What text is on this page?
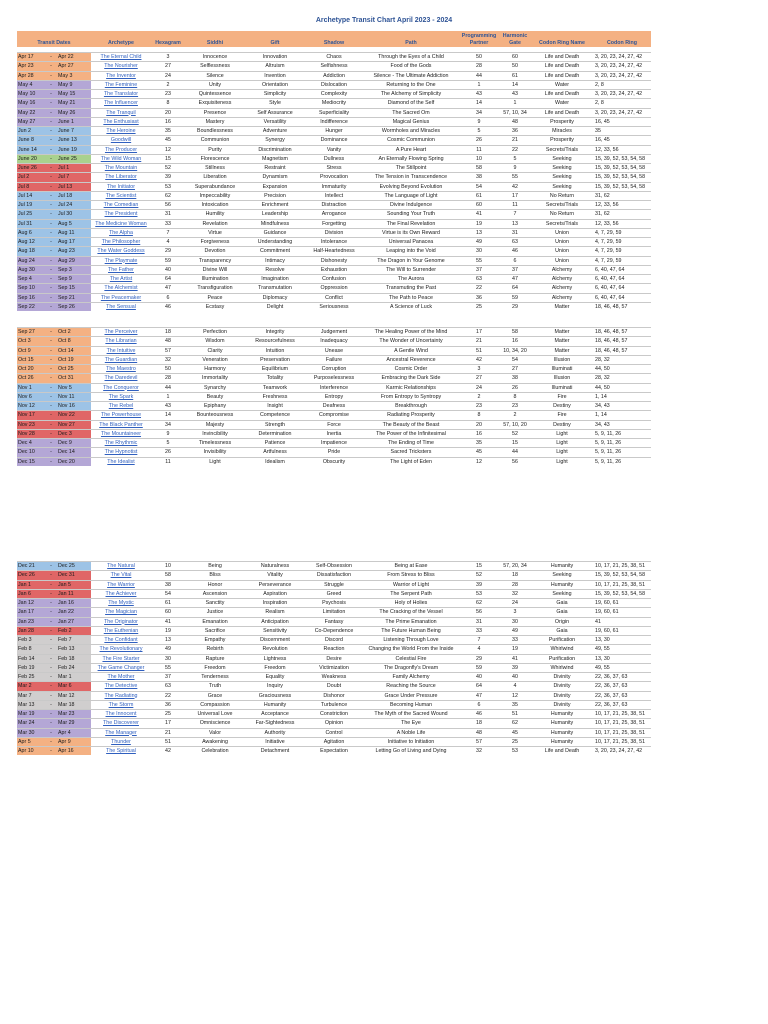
Archetype Transit Chart April 2023 - 2024
Transit Dates	Archetype	Hexagram	Siddhi	Gift	Shadow	Path	Programming Partner	Harmonic Gate	Codon Ring Name	Codon Ring
Apr 17 - Apr 22	The Eternal Child	3	Innocence	Innovation	Chaos	Through the Eyes of a Child	50	60	Life and Death	3, 20, 23, 24, 27, 42
Apr 23 - Apr 27	The Nourisher	27	Selflessness	Altruism	Selfishness	Food of the Gods	28	50	Life and Death	3, 20, 23, 24, 27, 42
Apr 28 - May 3	The Inventor	24	Silence	Invention	Addiction	Silence - The Ultimate Addiction	44	61	Life and Death	3, 20, 23, 24, 27, 42
May 4 - May 9	The Feminine	2	Unity	Orientation	Dislocation	Returning to the One	1	14	Water	2, 8
May 10 - May 15	The Translator	23	Quintessence	Simplicity	Complexity	The Alchemy of Simplicity	43	43	Life and Death	3, 20, 23, 24, 27, 42
May 16 - May 21	The Influencer	8	Exquisiteness	Style	Mediocrity	Diamond of the Self	14	1	Water	2, 8
May 22 - May 26	The Tranquil	20	Presence	Self Assurance	Superficiality	The Sacred Om	34	57, 10, 34	Life and Death	3, 20, 23, 24, 27, 42
May 27 - June 1	The Enthusiast	16	Mastery	Versatility	Indifference	Magical Genius	9	48	Prosperity	16, 45
Jun 2 - June 7	The Heroine	35	Boundlessness	Adventure	Hunger	Wormholes and Miracles	5	36	Miracles	35
June 8 - June 13	Goodwill	45	Communion	Synergy	Dominance	Cosmic Communion	26	21	Prosperity	16, 45
June 14 - June 19	The Producer	12	Purity	Discrimination	Vanity	A Pure Heart	11	22	Secrets/Trials	12, 33, 56
June 20 - June 25	The Wild Woman	15	Florescence	Magnetism	Dullness	An Eternally Flowing Spring	10	5	Seeking	15, 39, 52, 53, 54, 58
June 26 - Jul 1	The Mountain	52	Stillness	Restraint	Stress	The Stillpoint	58	9	Seeking	15, 39, 52, 53, 54, 58
Jul 2 - Jul 7	The Liberator	39	Liberation	Dynamism	Provocation	The Tension in Transcendence	38	55	Seeking	15, 39, 52, 53, 54, 58
Jul 8 - Jul 13	The Initiator	53	Superabundance	Expansion	Immaturity	Evolving Beyond Evolution	54	42	Seeking	15, 39, 52, 53, 54, 58
Jul 14 - Jul 18	The Scientist	62	Impeccability	Precision	Intellect	The Language of Light	61	17	No Return	31, 62
Jul 19 - Jul 24	The Comedian	56	Intoxication	Enrichment	Distraction	Divine Indulgence	60	11	Secrets/Trials	12, 33, 56
Jul 25 - Jul 30	The President	31	Humility	Leadership	Arrogance	Sounding Your Truth	41	7	No Return	31, 62
Jul 31 - Aug 5	The Medicine Woman	33	Revelation	Mindfulness	Forgetting	The Final Revelation	19	13	Secrets/Trials	12, 33, 56
Aug 6 - Aug 11	The Alpha	7	Virtue	Guidance	Division	Virtue is its Own Reward	13	31	Union	4, 7, 29, 59
Aug 12 - Aug 17	The Philosopher	4	Forgiveness	Understanding	Intolerance	Universal Panacea	49	63	Union	4, 7, 29, 59
Aug 18 - Aug 23	The Water Goddess	29	Devotion	Commitment	Half-Heartedness	Leaping into the Void	30	46	Union	4, 7, 29, 59
Aug 24 - Aug 29	The Playmate	59	Transparency	Intimacy	Dishonesty	The Dragon in Your Genome	55	6	Union	4, 7, 29, 59
Aug 30 - Sep 3	The Father	40	Divine Will	Resolve	Exhaustion	The Will to Surrender	37	37	Alchemy	6, 40, 47, 64
Sep 4 - Sep 9	The Artist	64	Illumination	Imagination	Confusion	The Aurora	63	47	Alchemy	6, 40, 47, 64
Sep 10 - Sep 15	The Alchemist	47	Transfiguration	Transmutation	Oppression	Transmuting the Past	22	64	Alchemy	6, 40, 47, 64
Sep 16 - Sep 21	The Peacemaker	6	Peace	Diplomacy	Conflict	The Path to Peace	36	59	Alchemy	6, 40, 47, 64
Sep 22 - Sep 26	The Sensual	46	Ecstasy	Delight	Seriousness	A Science of Luck	25	29	Matter	18, 46, 48, 57
Sep 27 - Oct 2	The Perceiver	18	Perfection	Integrity	Judgement	The Healing Power of the Mind	17	58	Matter	18, 46, 48, 57
Oct 3 - Oct 8	The Librarian	48	Wisdom	Resourcefulness	Inadequacy	The Wonder of Uncertainty	21	16	Matter	18, 46, 48, 57
Oct 9 - Oct 14	The Intuitive	57	Clarity	Intuition	Unease	A Gentle Wind	51	10, 34, 20	Matter	18, 46, 48, 57
Oct 15 - Oct 19	The Guardian	32	Veneration	Preservation	Failure	Ancestral Reverence	42	54	Illusion	28, 32
Oct 20 - Oct 25	The Maestro	50	Harmony	Equilibrium	Corruption	Cosmic Order	3	27	Illuminati	44, 50
Oct 26 - Oct 31	The Daredevil	28	Immortality	Totality	Purposelessness	Embracing the Dark Side	27	38	Illusion	28, 32
Nov 1 - Nov 5	The Conqueror	44	Synarchy	Teamwork	Interference	Karmic Relationships	24	26	Illuminati	44, 50
Nov 6 - Nov 11	The Spark	1	Beauty	Freshness	Entropy	From Entropy to Syntropy	2	8	Fire	1, 14
Nov 12 - Nov 16	The Rebel	43	Epiphany	Insight	Deafness	Breakthrough	23	23	Destiny	34, 43
Nov 17 - Nov 22	The Powerhouse	14	Bounteousness	Competence	Compromise	Radiating Prosperity	8	2	Fire	1, 14
Nov 23 - Nov 27	The Black Panther	34	Majesty	Strength	Force	The Beauty of the Beast	20	57, 10, 20	Destiny	34, 43
Nov 28 - Dec 3	The Mountaineer	9	Invincibility	Determination	Inertia	The Power of the Infinitesimal	16	52	Light	5, 9, 11, 26
Dec 4 - Dec 9	The Rhythmic	5	Timelessness	Patience	Impatience	The Ending of Time	35	15	Light	5, 9, 11, 26
Dec 10 - Dec 14	The Hypnotist	26	Invisibility	Artfulness	Pride	Sacred Tricksters	45	44	Light	5, 9, 11, 26
Dec 15 - Dec 20	The Idealist	11	Light	Idealism	Obscurity	The Light of Eden	12	56	Light	5, 9, 11, 26
Dec 21 - Dec 25	The Natural	10	Being	Naturalness	Self-Obsession	Being at Ease	15	57, 20, 34	Humanity	10, 17, 21, 25, 38, 51
Dec 26 - Dec 31	The Vital	58	Bliss	Vitality	Dissatisfaction	From Stress to Bliss	52	18	Seeking	15, 39, 52, 53, 54, 58
Jan 1 - Jan 5	The Warrior	38	Honor	Perseverance	Struggle	Warrior of Light	39	28	Humanity	10, 17, 21, 25, 38, 51
Jan 6 - Jan 11	The Achiever	54	Ascension	Aspiration	Greed	The Serpent Path	53	32	Seeking	15, 39, 52, 53, 54, 58
Jan 12 - Jan 16	The Mystic	61	Sanctity	Inspiration	Psychosis	Holy of Holies	62	24	Gaia	19, 60, 61
Jan 17 - Jan 22	The Magician	60	Justice	Realism	Limitation	The Cracking of the Vessel	56	3	Gaia	19, 60, 61
Jan 23 - Jan 27	The Originator	41	Emanation	Anticipation	Fantasy	The Prime Emanation	31	30	Origin	41
Jan 28 - Feb 2	The Euthenian	19	Sacrifice	Sensitivity	Co-Dependence	The Future Human Being	33	49	Gaia	19, 60, 61
Feb 3 - Feb 7	The Confidant	13	Empathy	Discernment	Discord	Listening Through Love	7	33	Purification	13, 30
Feb 8 - Feb 13	The Revolutionary	49	Rebirth	Revolution	Reaction	Changing the World From the Inside	4	19	Whirlwind	49, 55
Feb 14 - Feb 18	The Fire Starter	30	Rapture	Lightness	Desire	Celestial Fire	29	41	Purification	13, 30
Feb 19 - Feb 24	The Game Changer	55	Freedom	Freedom	Victimization	The Dragonfly's Dream	59	39	Whirlwind	49, 55
Feb 25 - Mar 1	The Mother	37	Tenderness	Equality	Weakness	Family Alchemy	40	40	Divinity	22, 36, 37, 63
Mar 2 - Mar 6	The Detective	63	Truth	Inquiry	Doubt	Reaching the Source	64	4	Divinity	22, 36, 37, 63
Mar 7 - Mar 12	The Radiating	22	Grace	Graciousness	Dishonor	Grace Under Pressure	47	12	Divinity	22, 36, 37, 63
Mar 13 - Mar 18	The Storm	36	Compassion	Humanity	Turbulence	Becoming Human	6	35	Divinity	22, 36, 37, 63
Mar 19 - Mar 23	The Innocent	25	Universal Love	Acceptance	Constriction	The Myth of the Sacred Wound	46	51	Humanity	10, 17, 21, 25, 38, 51
Mar 24 - Mar 29	The Discoverer	17	Omniscience	Far-Sightedness	Opinion	The Eye	18	62	Humanity	10, 17, 21, 25, 38, 51
Mar 30 - Apr 4	The Manager	21	Valor	Authority	Control	A Noble Life	48	45	Humanity	10, 17, 21, 25, 38, 51
Apr 5 - Apr 9	Thunder	51	Awakening	Initiative	Agitation	Initiative to Initiation	57	25	Humanity	10, 17, 21, 25, 38, 51
Apr 10 - Apr 16	The Spiritual	42	Celebration	Detachment	Expectation	Letting Go of Living and Dying	32	53	Life and Death	3, 20, 23, 24, 27, 42
